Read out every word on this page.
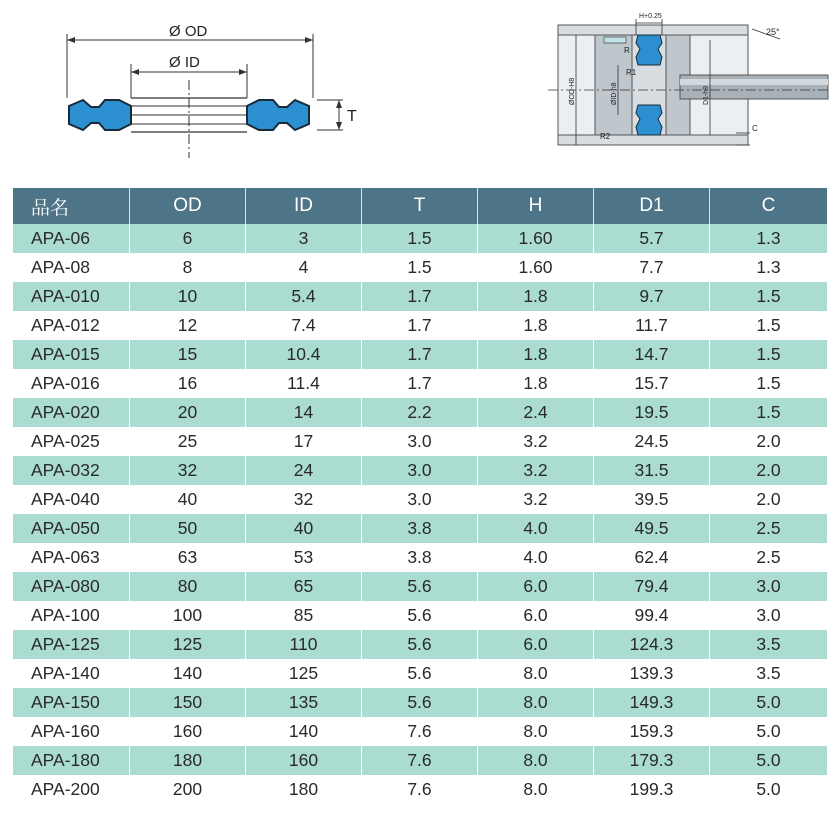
Ø OD
Ø ID
T
H+0.25
25°
R
R1
R2
ØOD-H8	ØID-h8	D1-h9
C
品名	OD	ID	T	H	D1	C
APA-06	6	3	1.5	1.60	5.7	1.3
APA-08	8	4	1.5	1.60	7.7	1.3
APA-010	10	5.4	1.7	1.8	9.7	1.5
APA-012	12	7.4	1.7	1.8	11.7	1.5
APA-015	15	10.4	1.7	1.8	14.7	1.5
APA-016	16	11.4	1.7	1.8	15.7	1.5
APA-020	20	14	2.2	2.4	19.5	1.5
APA-025	25	17	3.0	3.2	24.5	2.0
APA-032	32	24	3.0	3.2	31.5	2.0
APA-040	40	32	3.0	3.2	39.5	2.0
APA-050	50	40	3.8	4.0	49.5	2.5
APA-063	63	53	3.8	4.0	62.4	2.5
APA-080	80	65	5.6	6.0	79.4	3.0
APA-100	100	85	5.6	6.0	99.4	3.0
APA-125	125	110	5.6	6.0	124.3	3.5
APA-140	140	125	5.6	8.0	139.3	3.5
APA-150	150	135	5.6	8.0	149.3	5.0
APA-160	160	140	7.6	8.0	159.3	5.0
APA-180	180	160	7.6	8.0	179.3	5.0
APA-200	200	180	7.6	8.0	199.3	5.0
